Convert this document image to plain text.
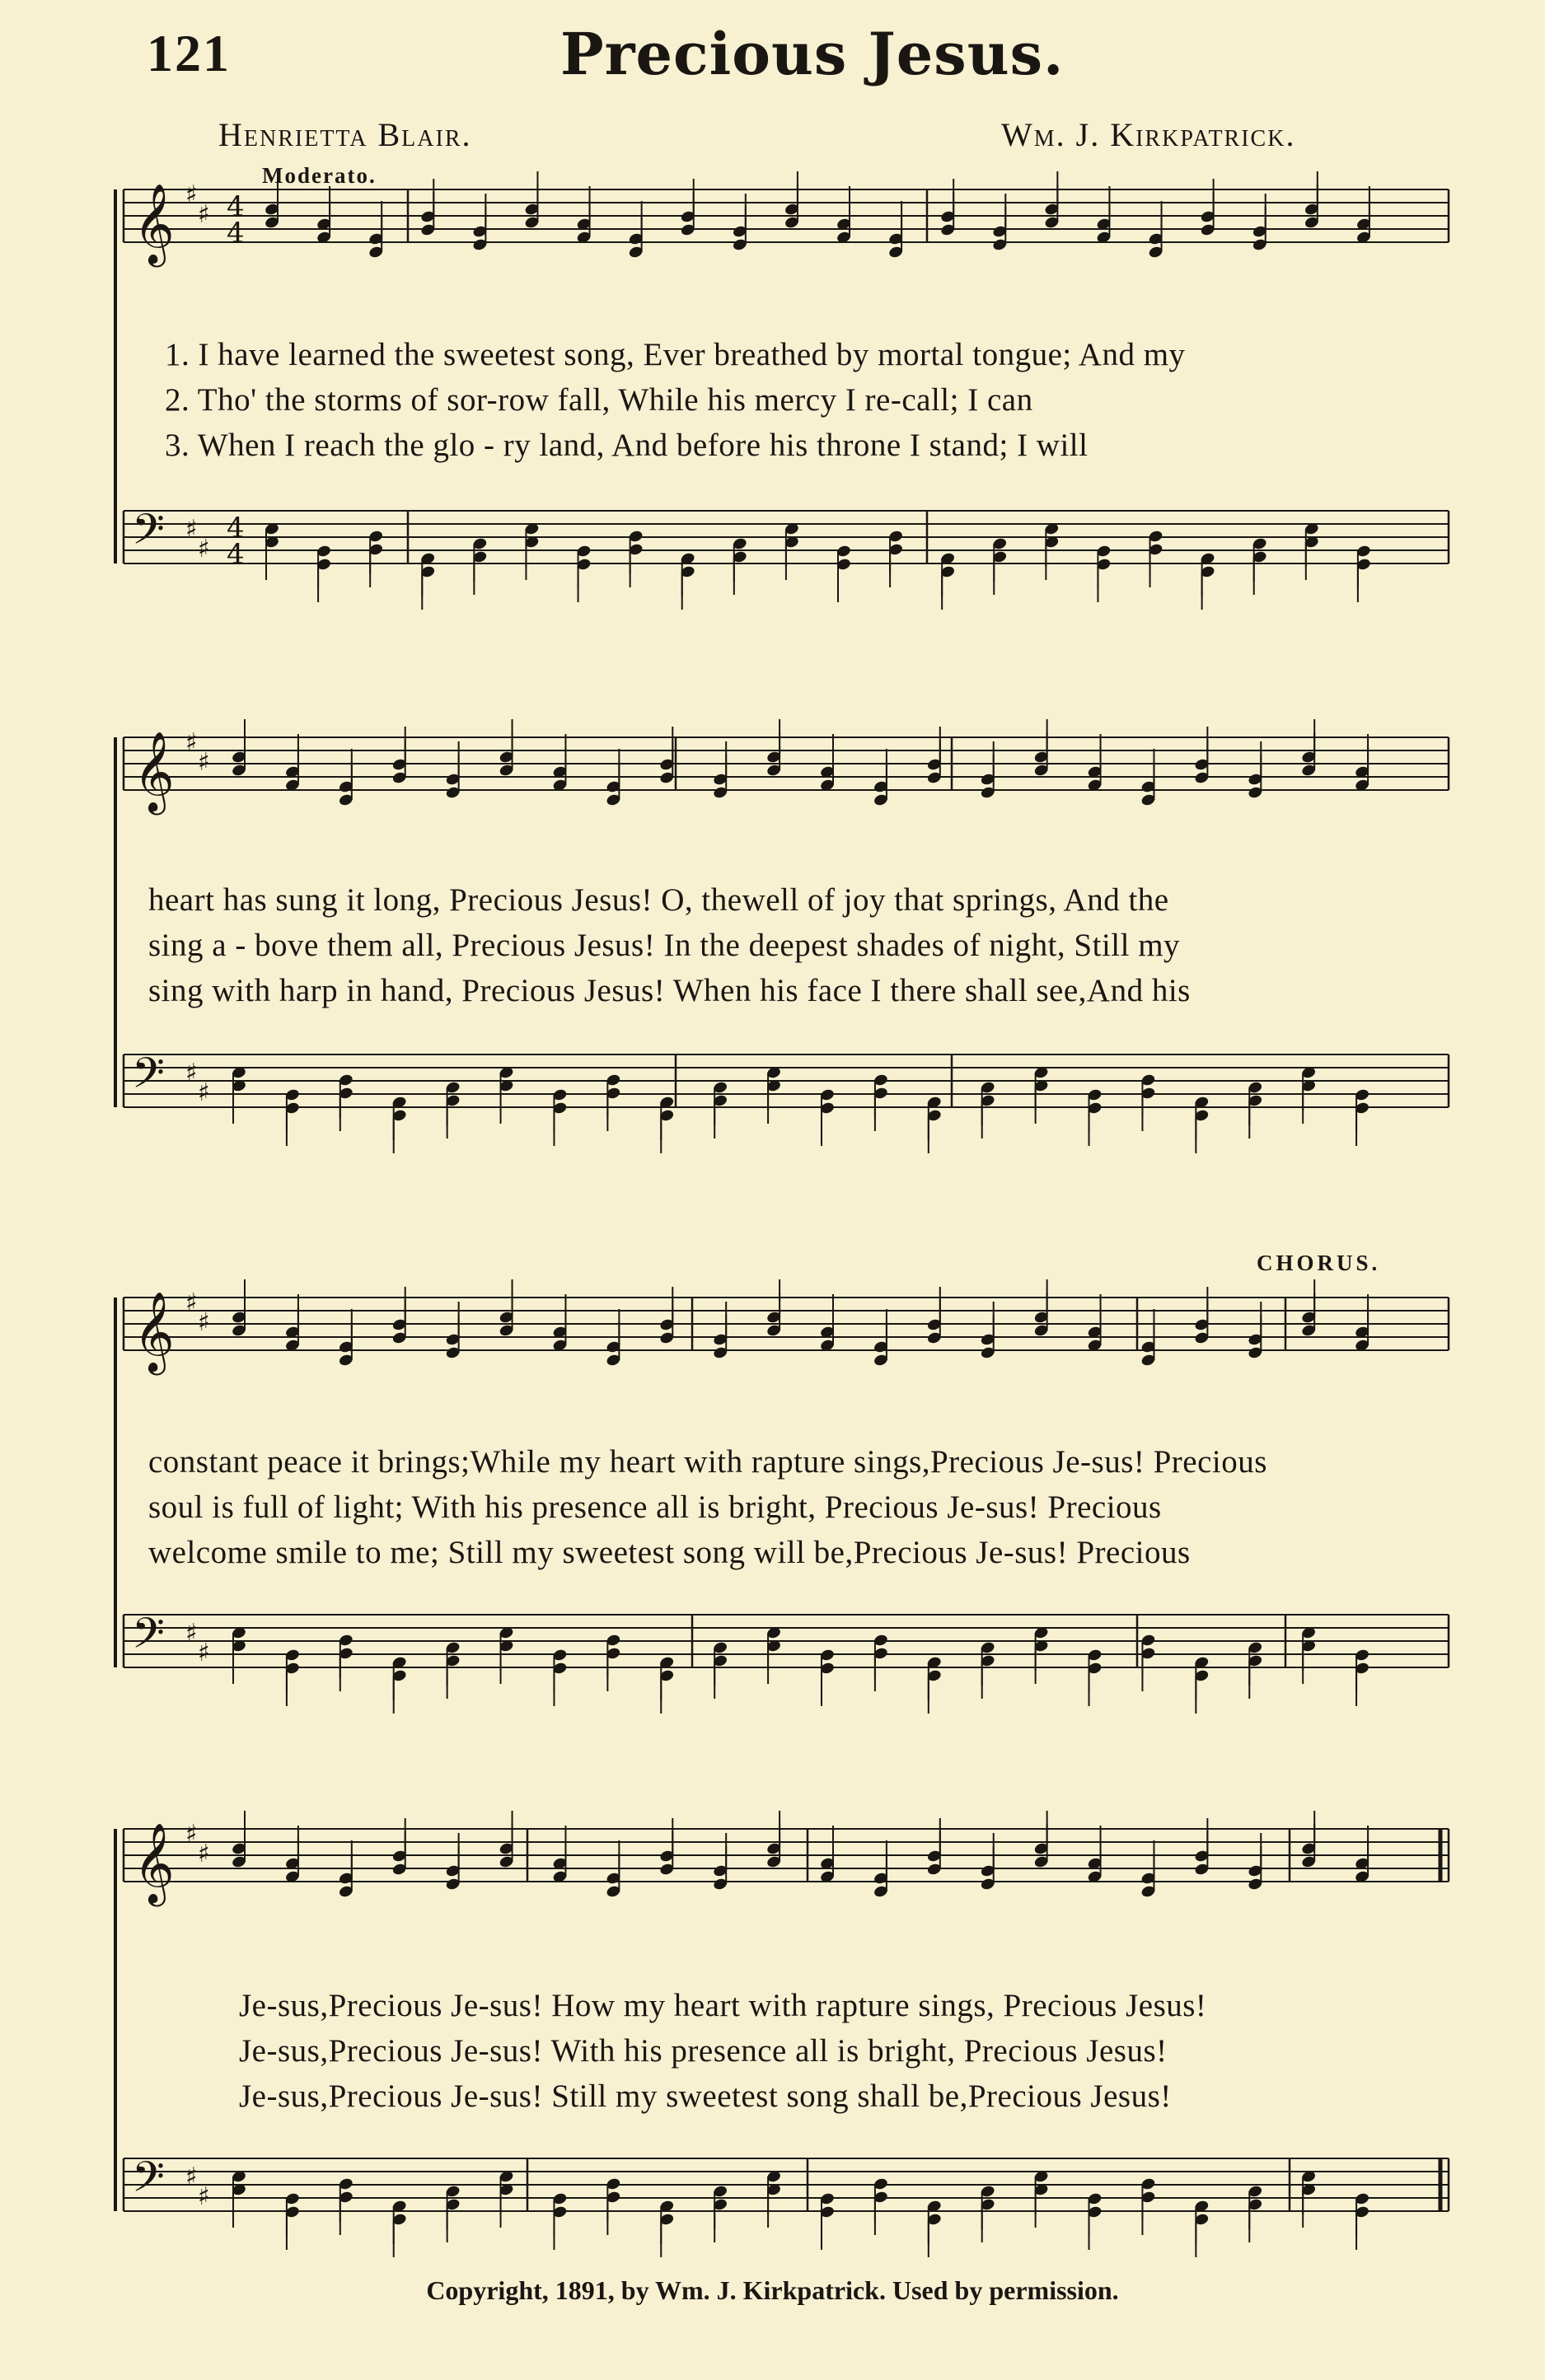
121	Precious Jesus.
Henrietta Blair.	Wm. J. Kirkpatrick.
Moderato.
CHORUS.
𝄞
𝄢
♯
♯
♯
♯
4
4
4
4
𝄞
𝄢
♯
♯
♯
♯
𝄞
𝄢
♯
♯
♯
♯
𝄞
𝄢
♯
♯
♯
♯
1. I have learned the sweetest song, Ever breathed by mortal tongue; And my
2. Tho' the storms of sor-row fall, While his mercy I re-call; I can
3. When I reach the glo - ry land, And before his throne I stand; I will
heart has sung it long, Precious Jesus! O, thewell of joy that springs, And the
sing a - bove them all, Precious Jesus! In the deepest shades of night, Still my
sing with harp in hand, Precious Jesus! When his face I there shall see,And his
constant peace it brings;While my heart with rapture sings,Precious Je-sus! Precious
soul is full of light; With his presence all is bright, Precious Je-sus! Precious
welcome smile to me; Still my sweetest song will be,Precious Je-sus! Precious
Je-sus,Precious Je-sus! How my heart with rapture sings, Precious Jesus!
Je-sus,Precious Je-sus! With his presence all is bright, Precious Jesus!
Je-sus,Precious Je-sus! Still my sweetest song shall be,Precious Jesus!
Copyright, 1891, by Wm. J. Kirkpatrick. Used by permission.
